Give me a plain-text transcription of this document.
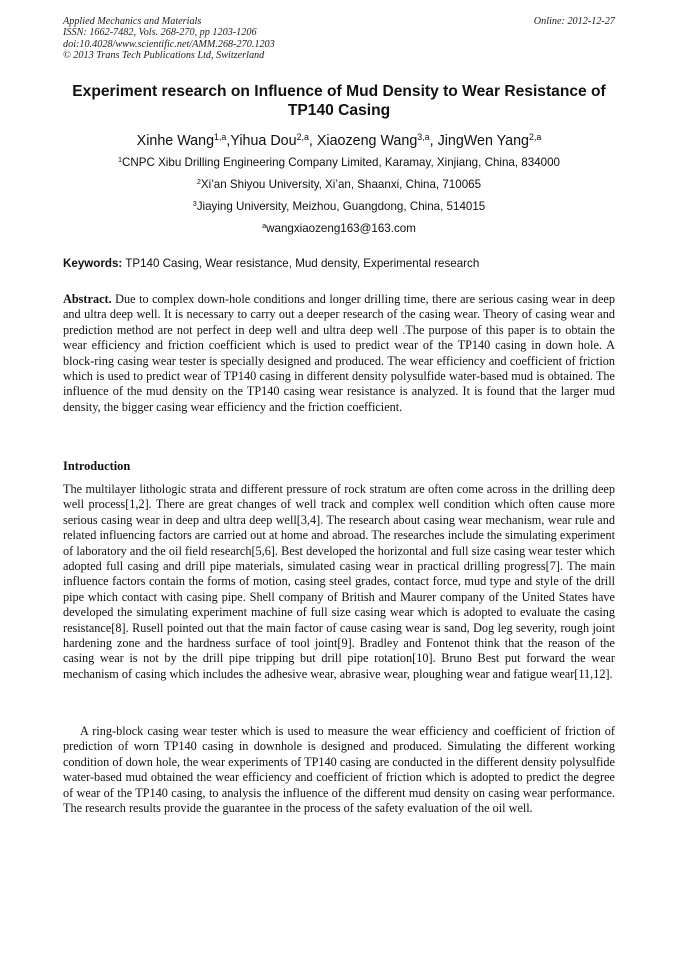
Applied Mechanics and Materials
ISSN: 1662-7482, Vols. 268-270, pp 1203-1206
doi:10.4028/www.scientific.net/AMM.268-270.1203
© 2013 Trans Tech Publications Ltd, Switzerland
Online: 2012-12-27
Experiment research on Influence of Mud Density to Wear Resistance of
TP140 Casing
Xinhe Wang$^{1,a}$,Yihua Dou$^{2,a}$, Xiaozeng Wang$^{3,a}$, JingWen Yang$^{2,a}$
$^1$CNPC Xibu Drilling Engineering Company Limited, Karamay, Xinjiang, China, 834000
$^2$Xi’an Shiyou University, Xi’an, Shaanxi, China, 710065
$^3$Jiaying University, Meizhou, Guangdong, China, 514015
$^a$wangxiaozeng163@163.com
Keywords: TP140 Casing, Wear resistance, Mud density, Experimental research
Abstract. Due to complex down-hole conditions and longer drilling time, there are serious casing wear in deep and ultra deep well. It is necessary to carry out a deeper research of the casing wear. Theory of casing wear and prediction method are not perfect in deep well and ultra deep well .The purpose of this paper is to obtain the wear efficiency and friction coefficient which is used to predict wear of the TP140 casing in down hole. A block-ring casing wear tester is specially designed and produced. The wear efficiency and coefficient of friction which is used to predict wear of TP140 casing in different density polysulfide water-based mud is obtained. The influence of the mud density on the TP140 casing wear resistance is analyzed. It is found that the larger mud density, the bigger casing wear efficiency and the friction coefficient.
Introduction
The multilayer lithologic strata and different pressure of rock stratum are often come across in the drilling deep well process[1,2]. There are great changes of well track and complex well condition which often cause more serious casing wear in deep and ultra deep well[3,4]. The research about casing wear mechanism, wear rule and related influencing factors are carried out at home and abroad. The researches include the simulating experiment of laboratory and the oil field research[5,6]. Best developed the horizontal and full size casing wear tester which adopted full casing and drill pipe materials, simulated casing wear in practical drilling progress[7]. The main influence factors contain the forms of motion, casing steel grades, contact force, mud type and style of the drill pipe which contact with casing pipe. Shell company of British and Maurer company of the United States have developed the simulating experiment machine of full size casing wear which is adopted to evaluate the casing resistance[8]. Rusell pointed out that the main factor of cause casing wear is sand, Dog leg severity, rough joint hardening zone and the hardness surface of tool joint[9]. Bradley and Fontenot think that the reason of the casing wear is not by the drill pipe tripping but drill pipe rotation[10]. Bruno Best put forward the wear mechanism of casing which includes the adhesive wear, abrasive wear, ploughing wear and fatigue wear[11,12].
A ring-block casing wear tester which is used to measure the wear efficiency and coefficient of friction of prediction of worn TP140 casing in downhole is designed and produced. Simulating the different working condition of down hole, the wear experiments of TP140 casing are conducted in the different density polysulfide water-based mud obtained the wear efficiency and coefficient of friction which is adopted to predict the degree of wear of the TP140 casing, to analysis the influence of the different mud density on casing wear performance. The research results provide the guarantee in the process of the safety evaluation of the oil well.
